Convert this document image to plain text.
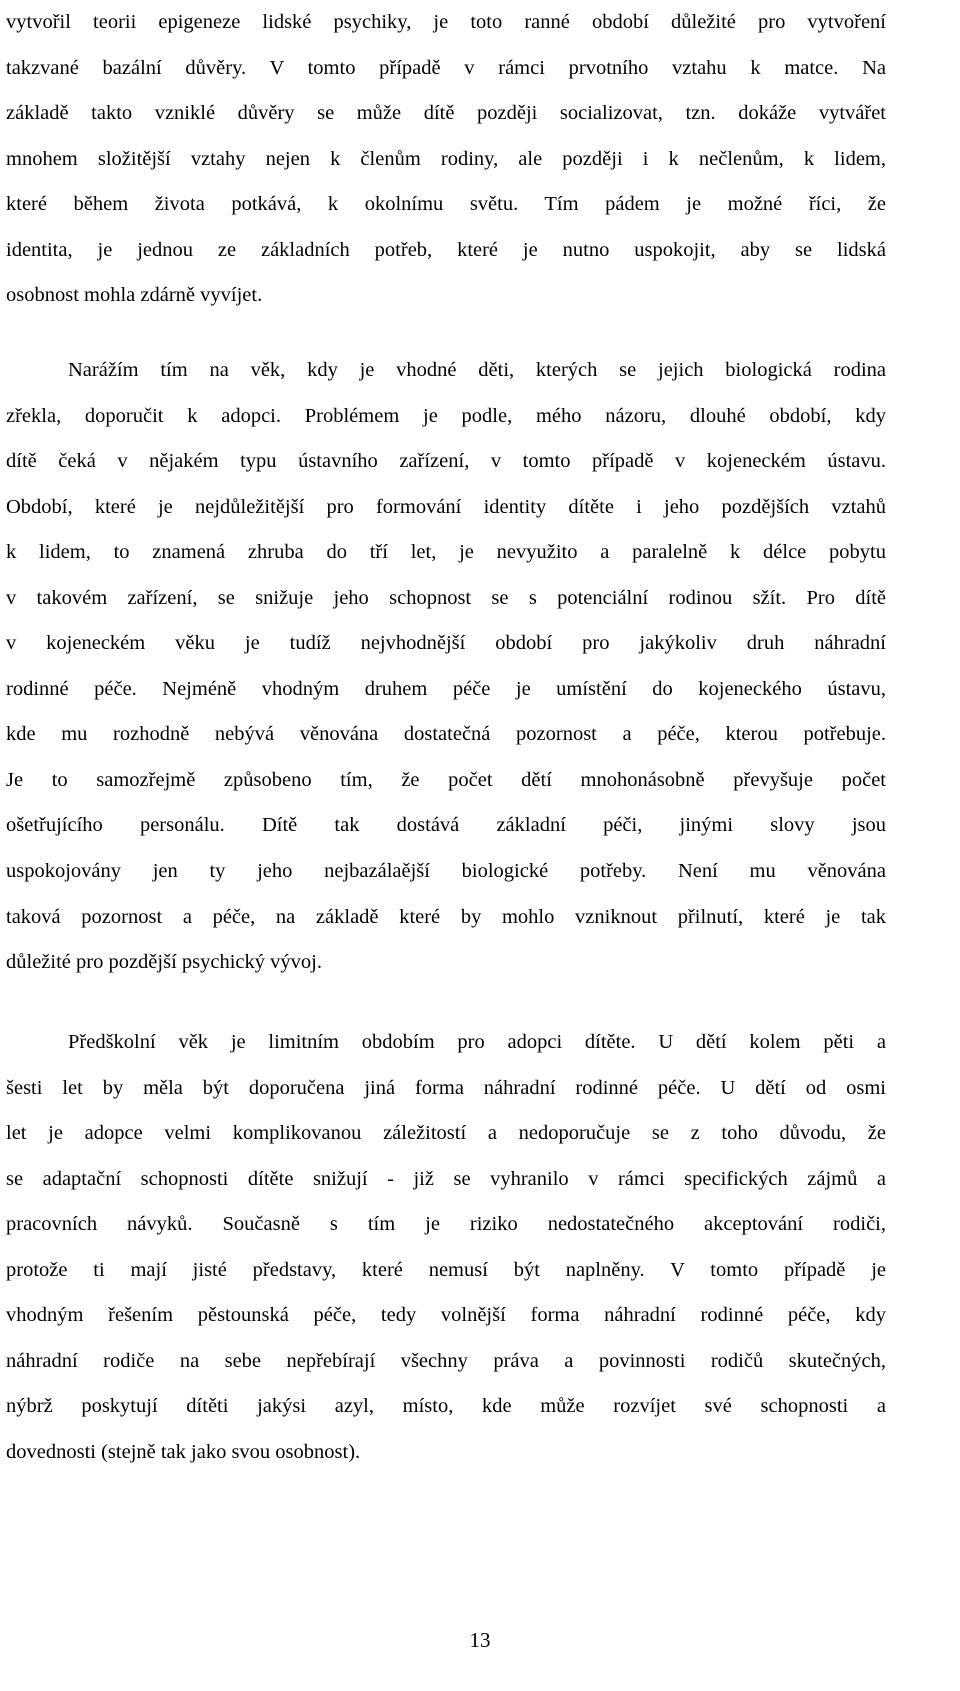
vytvořil teorii epigeneze lidské psychiky, je toto ranné období důležité pro vytvoření
takzvané bazální důvěry. V tomto případě v rámci prvotního vztahu k matce. Na
základě takto vzniklé důvěry se může dítě později socializovat, tzn. dokáže vytvářet
mnohem složitější vztahy nejen k členům rodiny, ale později i k nečlenům, k lidem,
které během života potkává, k okolnímu světu. Tím pádem je možné říci, že
identita, je jednou ze základních potřeb, které je nutno uspokojit, aby se lidská
osobnost mohla zdárně vyvíjet.
Narážím tím na věk, kdy je vhodné děti, kterých se jejich biologická rodina
zřekla, doporučit k adopci. Problémem je podle, mého názoru, dlouhé období, kdy
dítě čeká v nějakém typu ústavního zařízení, v tomto případě v kojeneckém ústavu.
Období, které je nejdůležitější pro formování identity dítěte i jeho pozdějších vztahů
k lidem, to znamená zhruba do tří let, je nevyužito a paralelně k délce pobytu
v takovém zařízení, se snižuje jeho schopnost se s potenciální rodinou sžít. Pro dítě
v kojeneckém věku je tudíž nejvhodnější období pro jakýkoliv druh náhradní
rodinné péče. Nejméně vhodným druhem péče je umístění do kojeneckého ústavu,
kde mu rozhodně nebývá věnována dostatečná pozornost a péče, kterou potřebuje.
Je to samozřejmě způsobeno tím, že počet dětí mnohonásobně převyšuje počet
ošetřujícího personálu. Dítě tak dostává základní péči, jinými slovy jsou
uspokojovány jen ty jeho nejbazálaější biologické potřeby. Není mu věnována
taková pozornost a péče, na základě které by mohlo vzniknout přilnutí, které je tak
důležité pro pozdější psychický vývoj.
Předškolní věk je limitním obdobím pro adopci dítěte. U dětí kolem pěti a
šesti let by měla být doporučena jiná forma náhradní rodinné péče. U dětí od osmi
let je adopce velmi komplikovanou záležitostí a nedoporučuje se z toho důvodu, že
se adaptační schopnosti dítěte snižují - již se vyhranilo v rámci specifických zájmů a
pracovních návyků. Současně s tím je riziko nedostatečného akceptování rodiči,
protože ti mají jisté představy, které nemusí být naplněny. V tomto případě je
vhodným řešením pěstounská péče, tedy volnější forma náhradní rodinné péče, kdy
náhradní rodiče na sebe nepřebírají všechny práva a povinnosti rodičů skutečných,
nýbrž poskytují dítěti jakýsi azyl, místo, kde může rozvíjet své schopnosti a
dovednosti (stejně tak jako svou osobnost).
13
